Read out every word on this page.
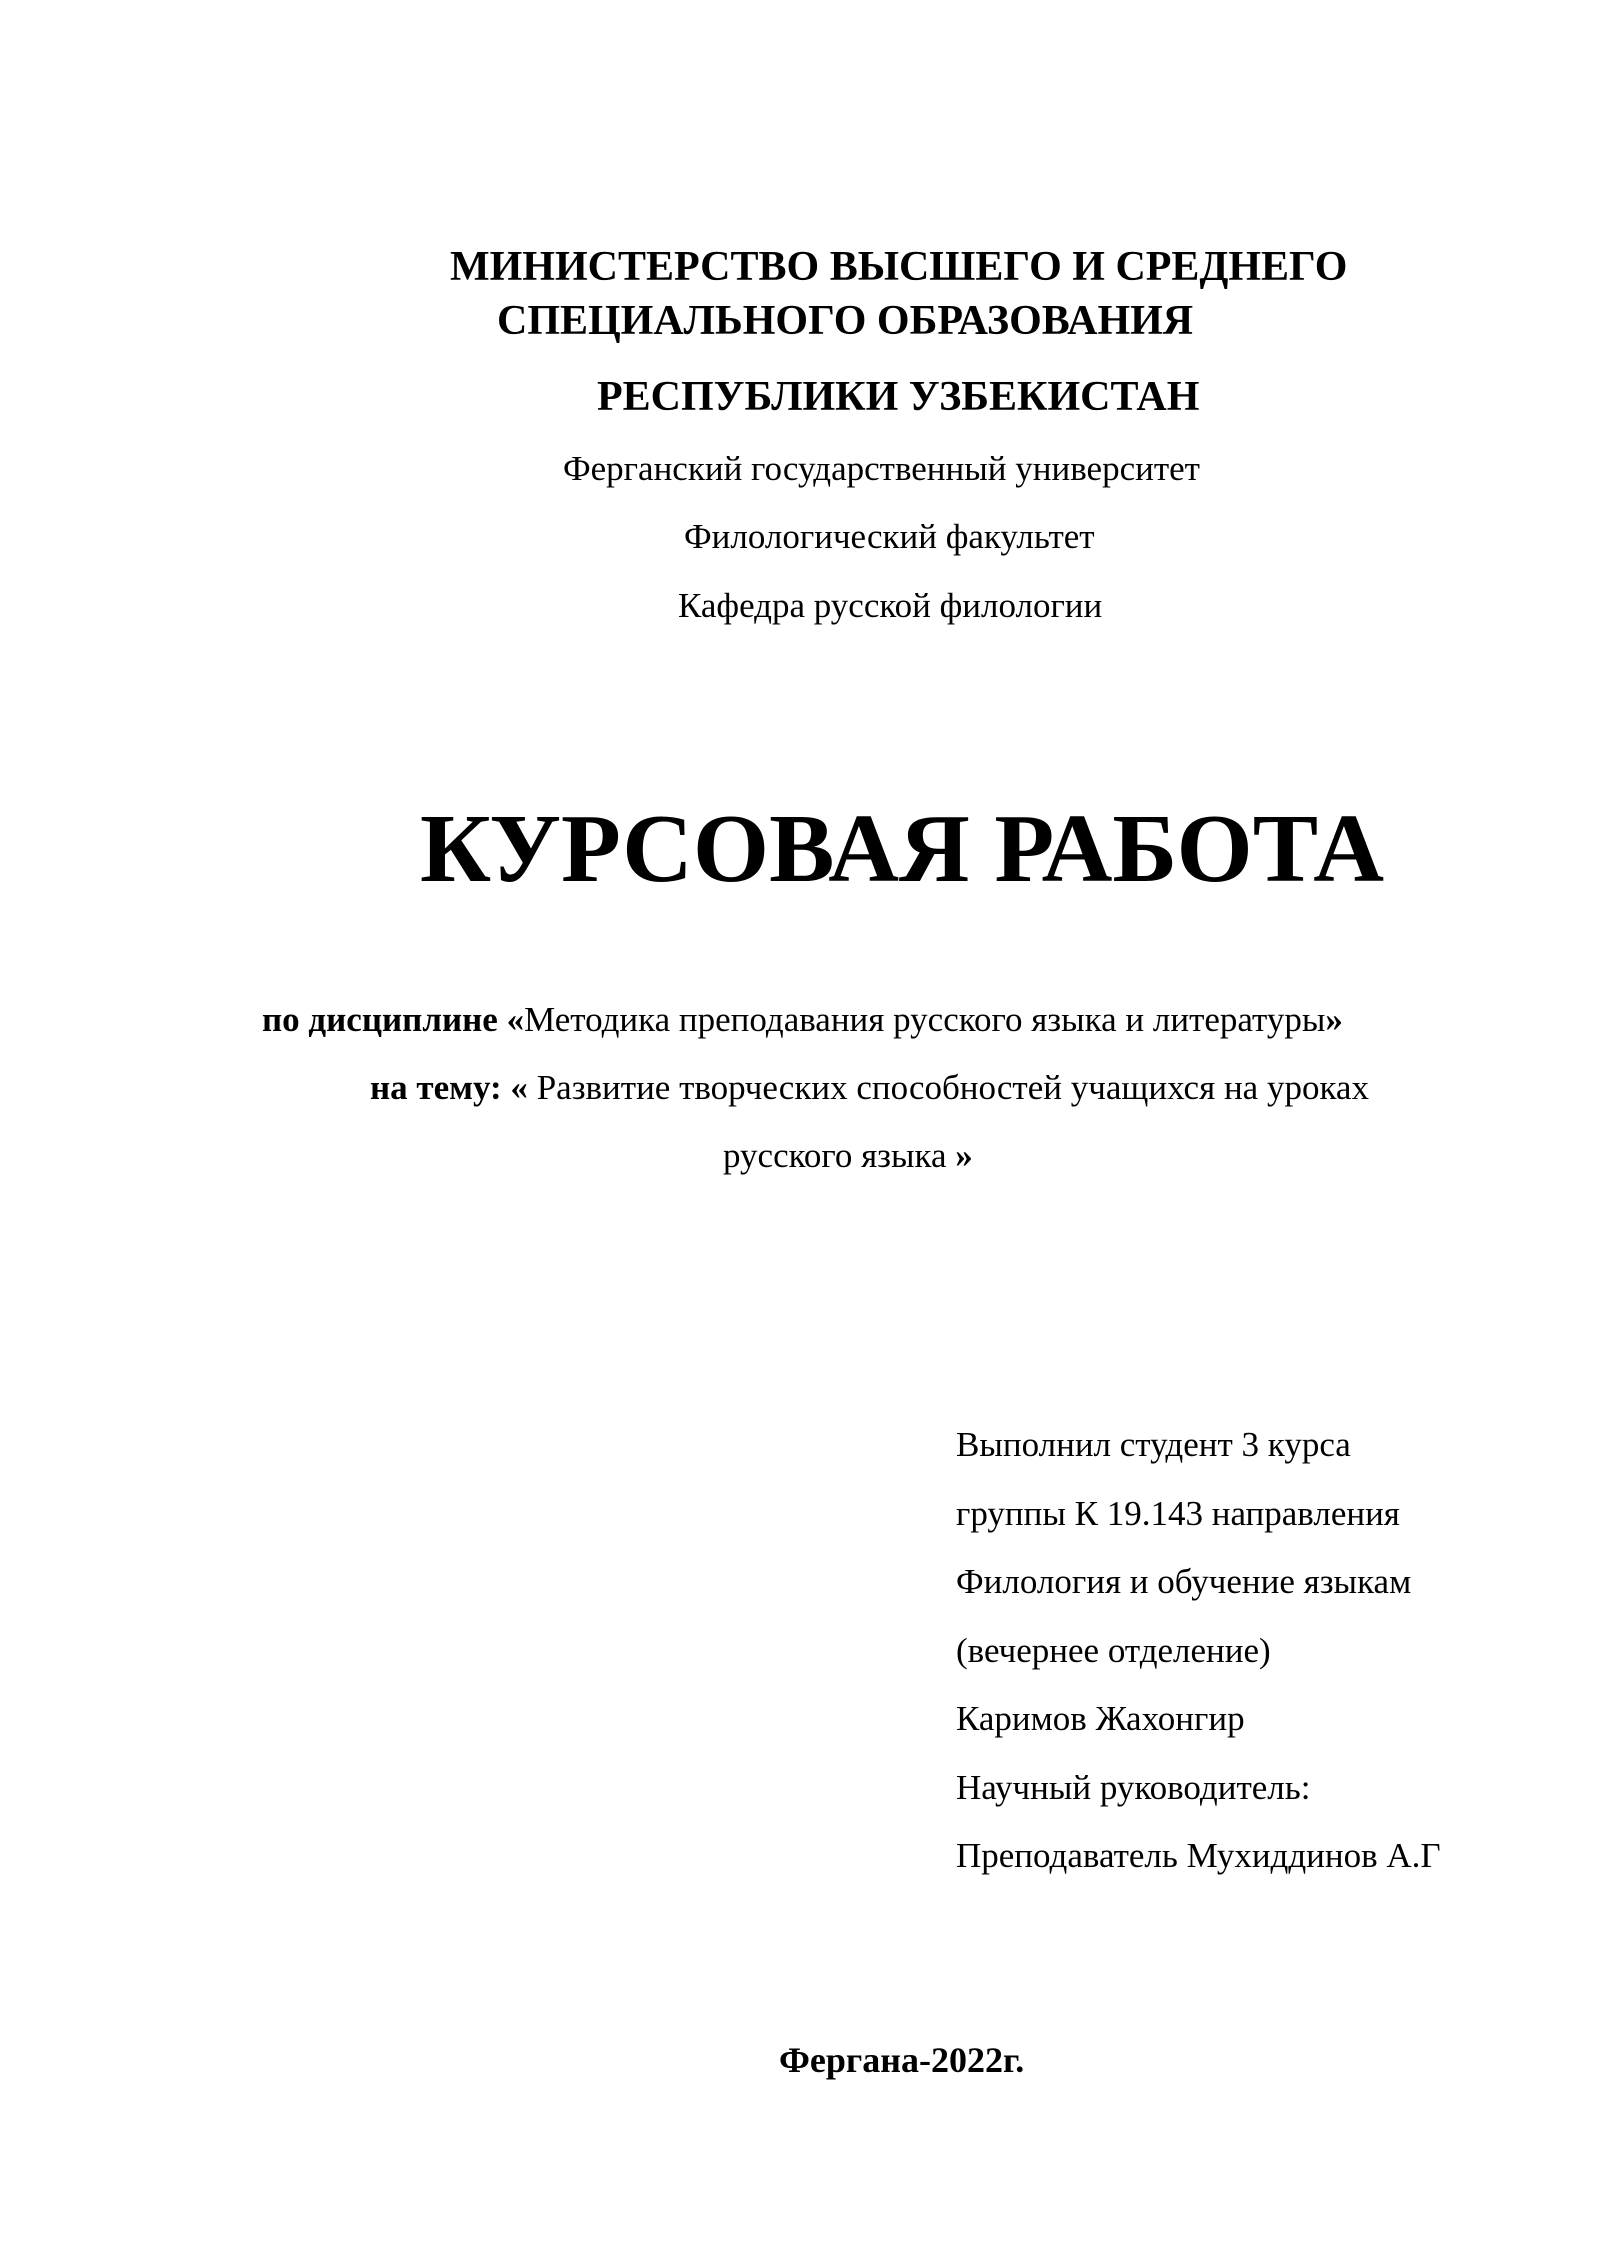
МИНИСТЕРСТВО ВЫСШЕГО И СРЕДНЕГО
СПЕЦИАЛЬНОГО ОБРАЗОВАНИЯ
РЕСПУБЛИКИ УЗБЕКИСТАН
Ферганский государственный университет
Филологический факультет
Кафедра русской филологии
КУРСОВАЯ РАБОТА
по дисциплине «Методика преподавания русского языка и литературы»
на тему: « Развитие творческих способностей учащихся на уроках
русского языка »
Выполнил студент 3 курса
группы К 19.143 направления
Филология и обучение языкам
(вечернее отделение)
Каримов Жахонгир
Научный руководитель:
Преподаватель Мухиддинов А.Г
Фергана-2022г.
